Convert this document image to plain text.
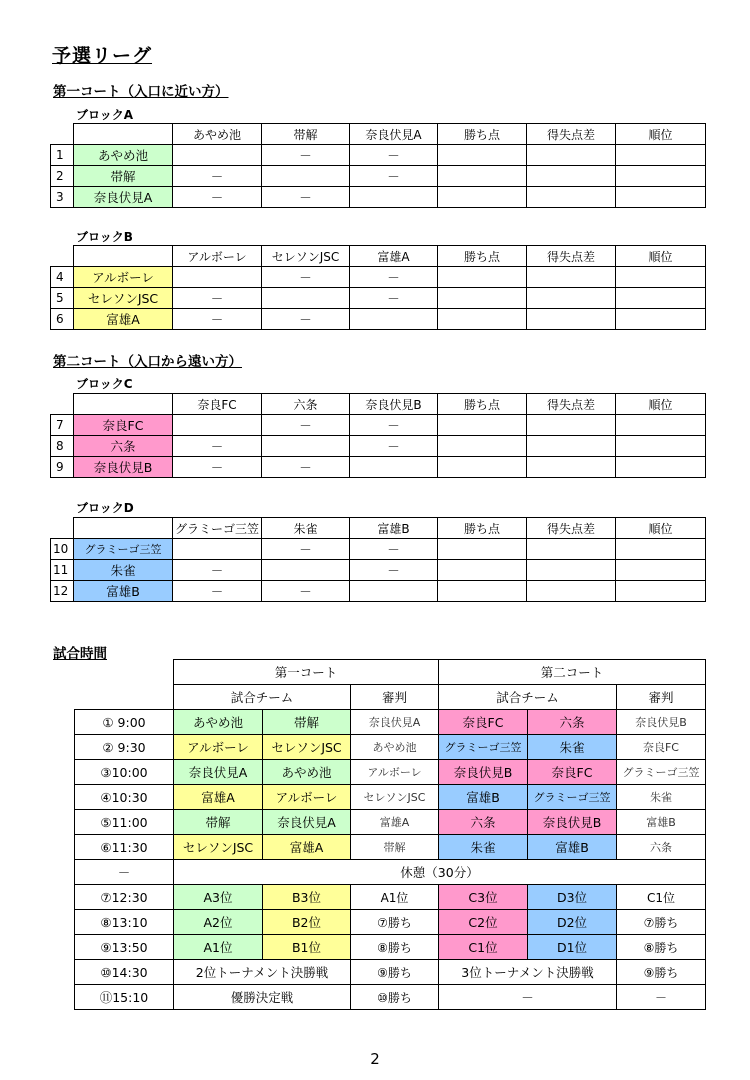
予選リーグ
第一コート（入口に近い方）
第二コート（入口から遠い方）
ブロックA
		あやめ池	帯解	奈良伏見A	勝ち点	得失点差	順位
1	あやめ池		－	－			
2	帯解	－		－			
3	奈良伏見A	－	－				
ブロックB
		アルボーレ	セレソンJSC	富雄A	勝ち点	得失点差	順位
4	アルボーレ		－	－			
5	セレソンJSC	－		－			
6	富雄A	－	－				
ブロックC
		奈良FC	六条	奈良伏見B	勝ち点	得失点差	順位
7	奈良FC		－	－			
8	六条	－		－			
9	奈良伏見B	－	－				
ブロックD
		グラミーゴ三笠	朱雀	富雄B	勝ち点	得失点差	順位
10	グラミーゴ三笠		－	－			
11	朱雀	－		－			
12	富雄B	－	－				
試合時間
	第一コート			第二コート		
	試合チーム		審判	試合チーム		審判
① 9:00	あやめ池	帯解	奈良伏見A	奈良FC	六条	奈良伏見B
② 9:30	アルボーレ	セレソンJSC	あやめ池	グラミーゴ三笠	朱雀	奈良FC
③10:00	奈良伏見A	あやめ池	アルボーレ	奈良伏見B	奈良FC	グラミーゴ三笠
④10:30	富雄A	アルボーレ	セレソンJSC	富雄B	グラミーゴ三笠	朱雀
⑤11:00	帯解	奈良伏見A	富雄A	六条	奈良伏見B	富雄B
⑥11:30	セレソンJSC	富雄A	帯解	朱雀	富雄B	六条
－	休憩（30分）					
⑦12:30	A3位	B3位	A1位	C3位	D3位	C1位
⑧13:10	A2位	B2位	⑦勝ち	C2位	D2位	⑦勝ち
⑨13:50	A1位	B1位	⑧勝ち	C1位	D1位	⑧勝ち
⑩14:30	2位トーナメント決勝戦		⑨勝ち	3位トーナメント決勝戦		⑨勝ち
⑪15:10	優勝決定戦		⑩勝ち	－		－
2
